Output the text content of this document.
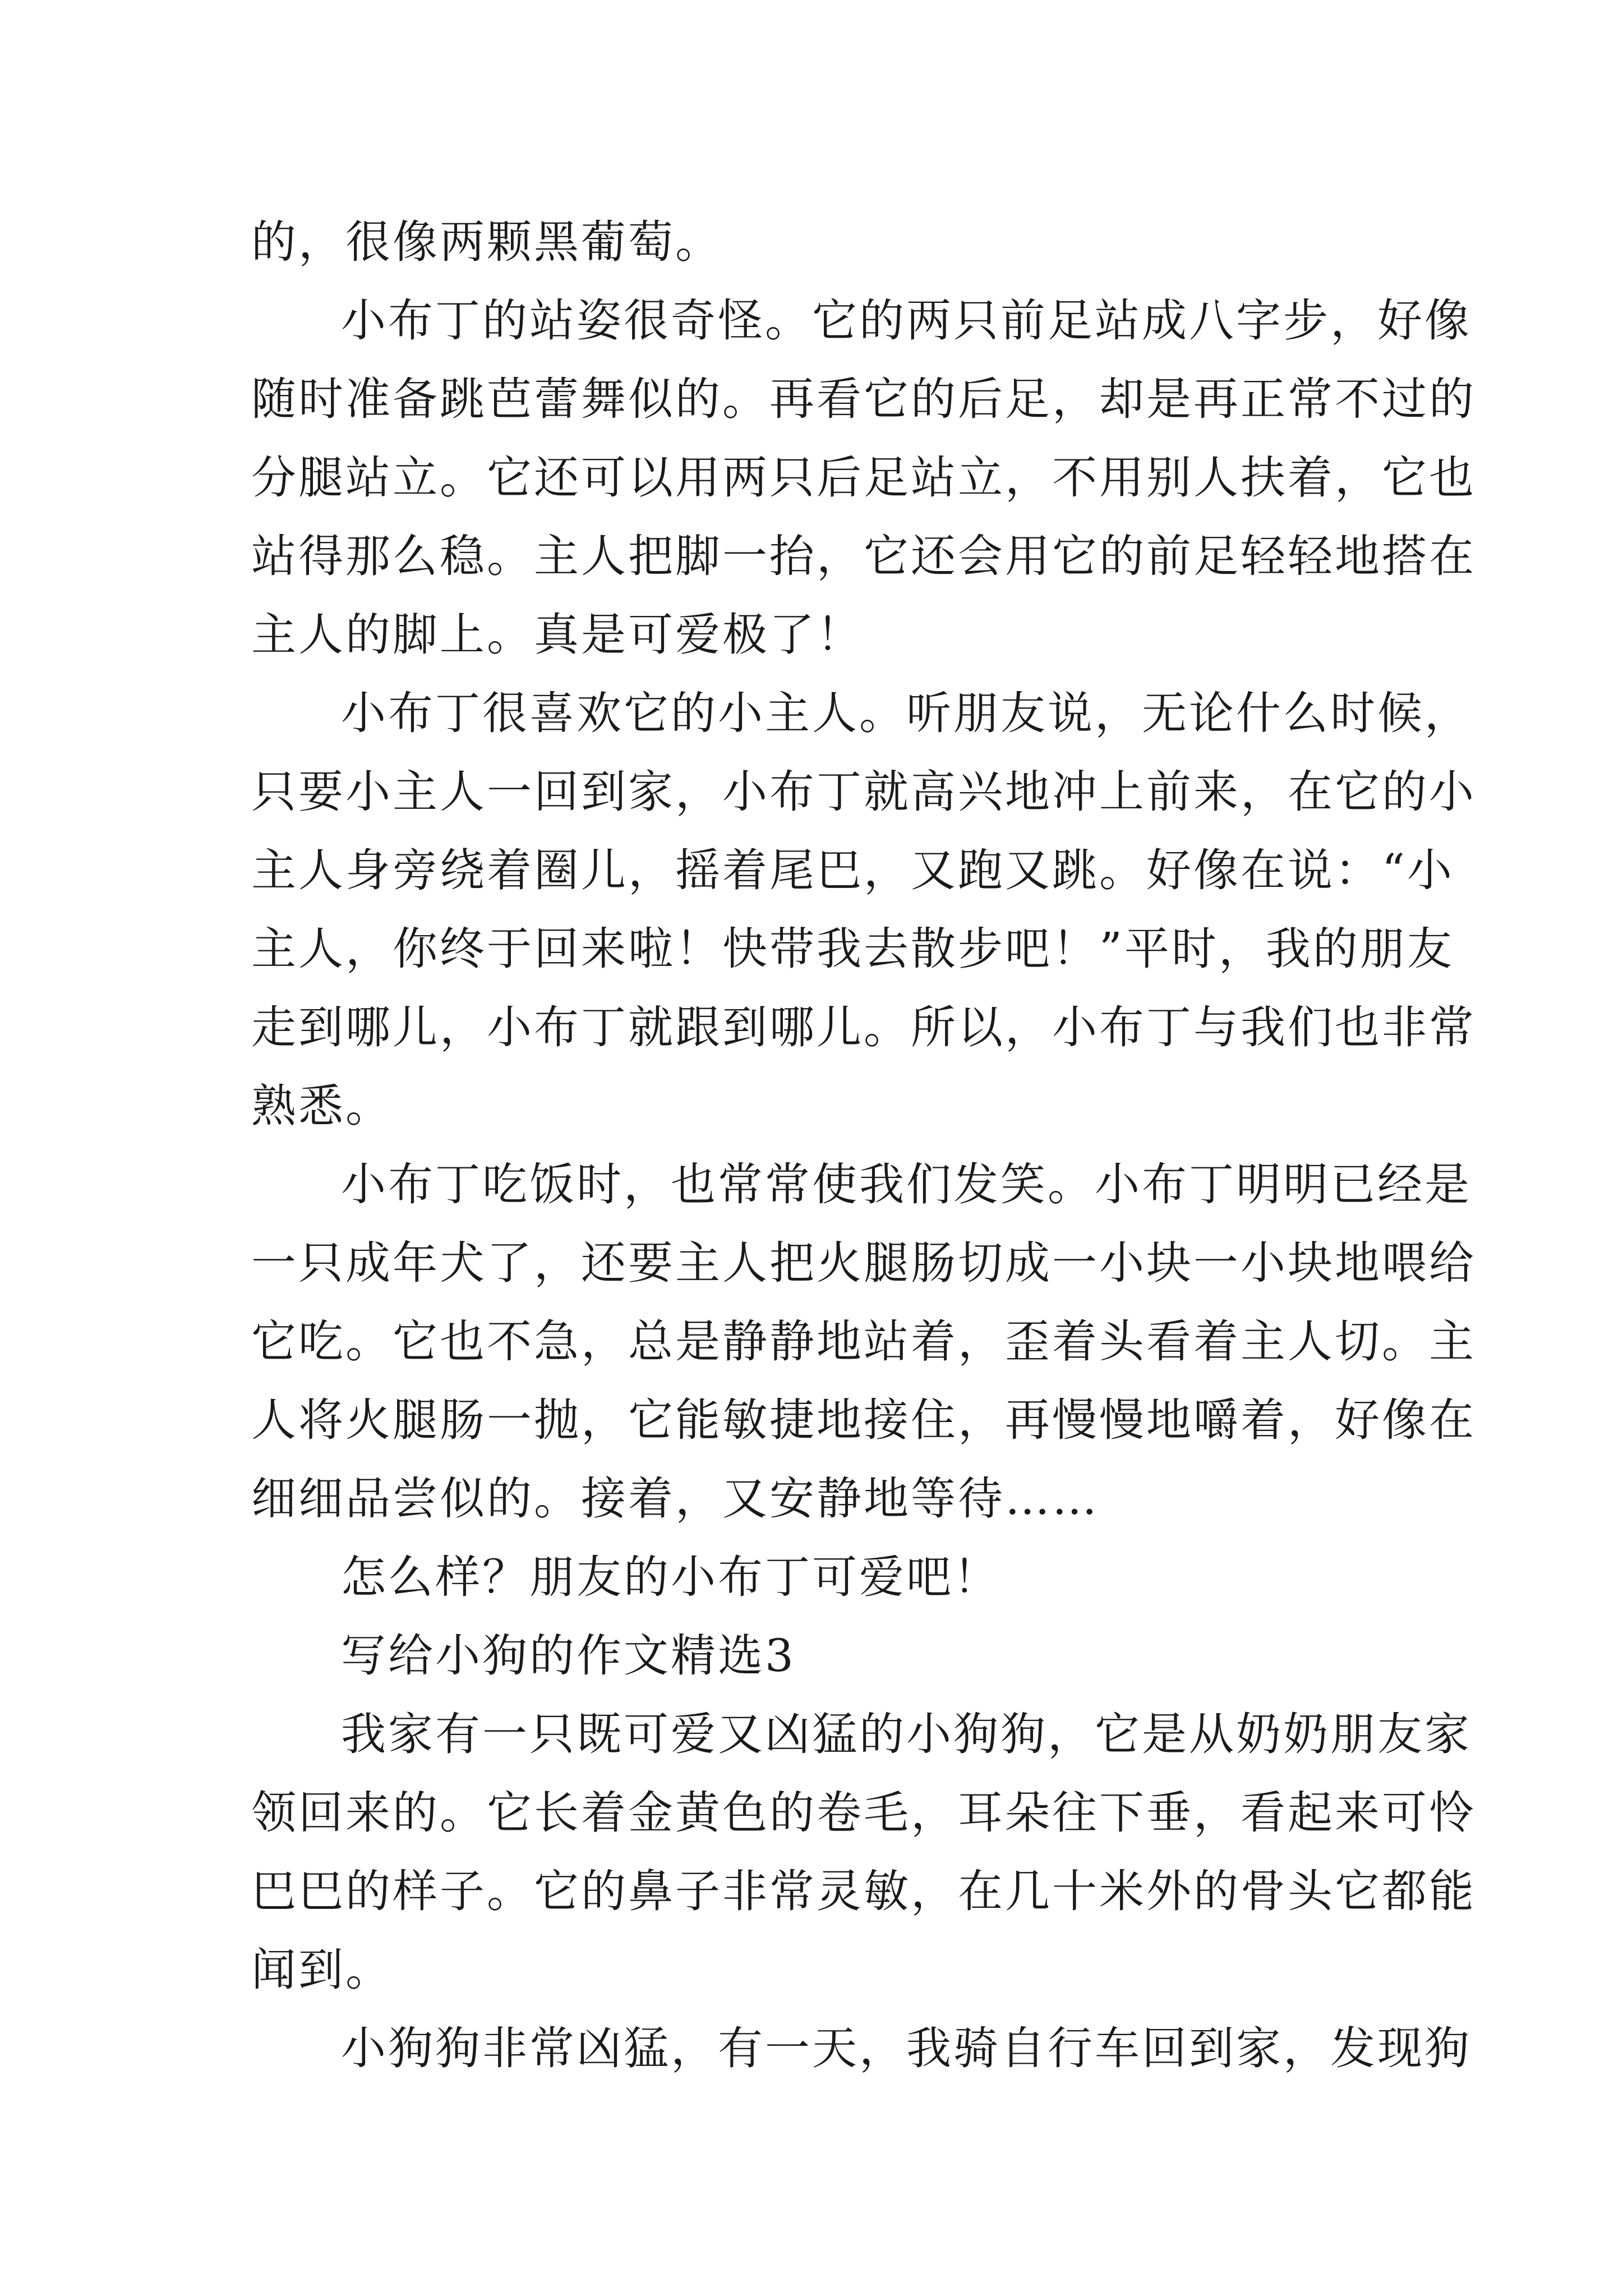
的，很像两颗黑葡萄。
小布丁的站姿很奇怪。它的两只前足站成八字步，好像
随时准备跳芭蕾舞似的。再看它的后足，却是再正常不过的
分腿站立。它还可以用两只后足站立，不用别人扶着，它也
站得那么稳。主人把脚一抬，它还会用它的前足轻轻地搭在
主人的脚上。真是可爱极了！
小布丁很喜欢它的小主人。听朋友说，无论什么时候，
只要小主人一回到家，小布丁就高兴地冲上前来，在它的小
主人身旁绕着圈儿，摇着尾巴，又跑又跳。好像在说：“小
主人，你终于回来啦！快带我去散步吧！”平时，我的朋友
走到哪儿，小布丁就跟到哪儿。所以，小布丁与我们也非常
熟悉。
小布丁吃饭时，也常常使我们发笑。小布丁明明已经是
一只成年犬了，还要主人把火腿肠切成一小块一小块地喂给
它吃。它也不急，总是静静地站着，歪着头看着主人切。主
人将火腿肠一抛，它能敏捷地接住，再慢慢地嚼着，好像在
细细品尝似的。接着，又安静地等待……
怎么样？朋友的小布丁可爱吧！
写给小狗的作文精选3
我家有一只既可爱又凶猛的小狗狗，它是从奶奶朋友家
领回来的。它长着金黄色的卷毛，耳朵往下垂，看起来可怜
巴巴的样子。它的鼻子非常灵敏，在几十米外的骨头它都能
闻到。
小狗狗非常凶猛，有一天，我骑自行车回到家，发现狗
